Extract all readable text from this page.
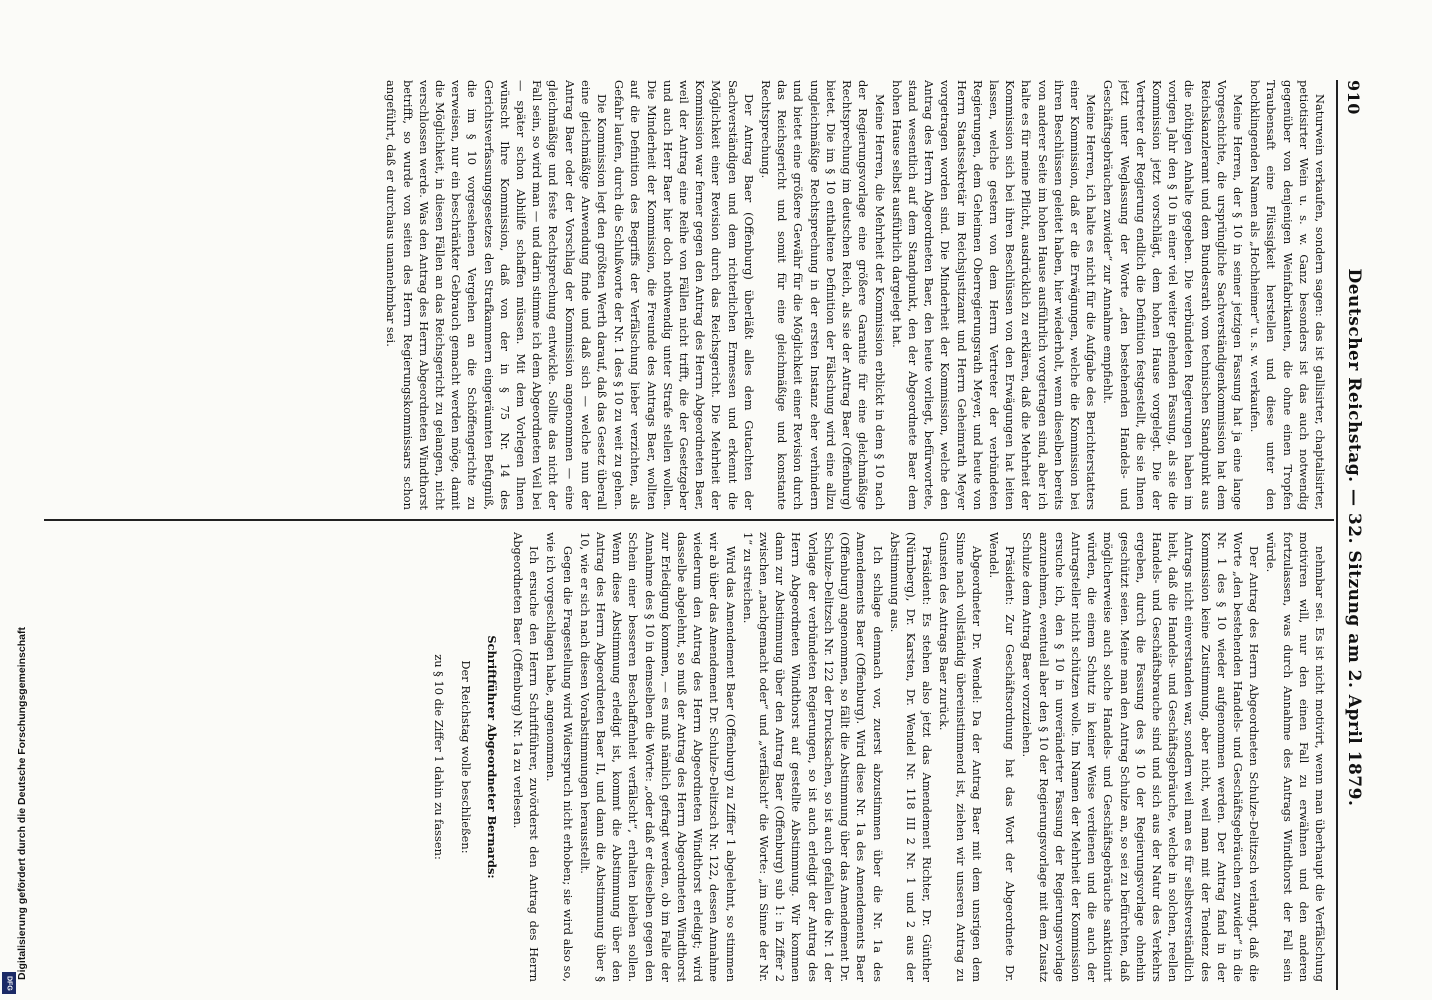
910
Deutscher Reichstag. — 32. Sitzung am 2. April 1879.

Naturwein verkaufen, sondern sagen: das ist gallisirter, chaptalisirter, petiotisirter Wein u. s. w. Ganz besonders ist das auch notwendig gegenüber von denjenigen Weinfabrikanten, die ohne einen Tropfen Traubensaft eine Flüssigkeit herstellen und diese unter den hochklingenden Namen als „Hochheimer“ u. s. w. verkaufen.

Meine Herren, der § 10 in seiner jetzigen Fassung hat ja eine lange Vorgeschichte, die ursprüngliche Sachverständigenkommission hat dem Reichskanzleramt und dem Bundesrath vom technischen Standpunkt aus die nöthigen Anhalte gegeben. Die verbündeten Regierungen haben im vorigen Jahr den § 10 in einer viel weiter gehenden Fassung, als sie die Kommission jetzt vorschlägt, dem hohen Hause vorgelegt. Die der Vertreter der Regierung endlich die Definition festgestellt, die sie Ihnen jetzt unter Weglassung der Worte „den bestehenden Handels- und Geschäftsgebräuchen zuwider“ zur Annahme empfiehlt.

Meine Herren, ich halte es nicht für die Aufgabe des Berichterstatters einer Kommission, daß er die Erwägungen, welche die Kommission bei ihren Beschlüssen geleitet haben, hier wiederholt, wenn dieselben bereits von anderer Seite im hohen Hause ausführlich vorgetragen sind, aber ich halte es für meine Pflicht, ausdrücklich zu erklären, daß die Mehrheit der Kommission sich bei ihren Beschlüssen von den Erwägungen hat leiten lassen, welche gestern von dem Herrn Vertreter der verbündeten Regierungen, dem Geheimen Oberregierungsrath Meyer, und heute von Herrn Staatssekretär im Reichsjustizamt und Herrn Geheimrath Meyer vorgetragen worden sind. Die Minderheit der Kommission, welche den Antrag des Herrn Abgeordneten Baer, den heute vorliegt, befürwortete, stand wesentlich auf dem Standpunkt, den der Abgeordnete Baer dem hohen Hause selbst ausführlich dargelegt hat.

Meine Herren, die Mehrheit der Kommission erblickt in dem § 10 nach der Regierungsvorlage eine größere Garantie für eine gleichmäßige Rechtsprechung im deutschen Reich, als sie der Antrag Baer (Offenburg) bietet. Die im § 10 enthaltene Definition der Fälschung wird eine allzu ungleichmäßige Rechtsprechung in der ersten Instanz eher verhindern und bietet eine größere Gewähr für die Möglichkeit einer Revision durch das Reichsgericht und somit für eine gleichmäßige und konstante Rechtsprechung.

Der Antrag Baer (Offenburg) überläßt alles dem Gutachten der Sachverständigen und dem richterlichen Ermessen und erkennt die Möglichkeit einer Revision durch das Reichsgericht. Die Mehrheit der Kommission war ferner gegen den Antrag des Herrn Abgeordneten Baer, weil der Antrag eine Reihe von Fällen nicht trifft, die der Gesetzgeber und auch Herr Baer hier doch nothwendig unter Strafe stellen wollen. Die Minderheit der Kommission, die Freunde des Antrags Baer, wollten auf die Definition des Begriffs der Verfälschung lieber verzichten, als Gefahr laufen, durch die Schlußworte der Nr. 1 des § 10 zu weit zu gehen.

Die Kommission legt den größten Werth darauf, daß das Gesetz überall eine gleichmäßige Anwendung finde und daß sich — welche nun der Antrag Baer oder der Vorschlag der Kommission angenommen — eine gleichmäßige und feste Rechtsprechung entwickle. Sollte das nicht der Fall sein, so wird man — und darin stimme ich dem Abgeordneten Veil bei — später schon Abhilfe schaffen müssen. Mit dem Vorlegen Ihnen wünscht Ihre Kommission, daß von der in § 75 Nr. 14 des Gerichtsverfassungsgesetzes den Strafkammern eingeräumten Befugniß, die im § 10 vorgesehenen Vergehen an die Schöffengerichte zu verweisen, nur ein beschränkter Gebrauch gemacht werden möge, damit die Möglichkeit, in diesen Fällen an das Reichsgericht zu gelangen, nicht verschlossen werde. Was den Antrag des Herrn Abgeordneten Windthorst betrifft, so wurde von seiten des Herrn Regierungskommissars schon angeführt, daß er durchaus unannehmbar sei.

nehmbar sei. Es ist nicht motivirt, wenn man überhaupt die Verfälschung motiviren will, nur den einen Fall zu erwähnen und den anderen fortzulassen, was durch Annahme des Antrags Windthorst der Fall sein würde.

Der Antrag des Herrn Abgeordneten Schulze-Delitzsch verlangt, daß die Worte „den bestehenden Handels- und Geschäftsgebräuchen zuwider“ in die Nr. 1 des § 10 wieder aufgenommen werden. Der Antrag fand in der Kommission keine Zustimmung, aber nicht, weil man mit der Tendenz des Antrags nicht einverstanden war, sondern weil man es für selbstverständlich hielt, daß die Handels- und Geschäftsgebräuche, welche in solchen, reellen Handels- und Geschäftsbrauche sind und sich aus der Natur des Verkehrs ergeben, durch die Fassung des § 10 der Regierungsvorlage ohnehin geschützt seien. Meine man den Antrag Schulze an, so sei zu befürchten, daß möglicherweise auch solche Handels- und Geschäftsgebräuche sanktionirt würden, die einem Schutz in keiner Weise verdienen und die auch der Antragsteller nicht schützen wolle. Im Namen der Mehrheit der Kommission ersuche ich, den § 10 in unveränderter Fassung der Regierungsvorlage anzunehmen, eventuell aber den § 10 der Regierungsvorlage mit dem Zusatz Schulze dem Antrag Baer vorzuziehen.

Präsident: Zur Geschäftsordnung hat das Wort der Abgeordnete Dr. Wendel.

Abgeordneter Dr. Wendel: Da der Antrag Baer mit dem unsrigen dem Sinne nach vollständig übereinstimmend ist, ziehen wir unseren Antrag zu Gunsten des Antrags Baer zurück.

Präsident: Es stehen also jetzt das Amendement Richter, Dr. Günther (Nürnberg), Dr. Karsten, Dr. Wendel Nr. 118 III 2 Nr. 1 und 2 aus der Abstimmung aus.

Ich schlage demnach vor, zuerst abzustimmen über die Nr. 1a des Amendements Baer (Offenburg). Wird diese Nr. 1a des Amendements Baer (Offenburg) angenommen, so fällt die Abstimmung über das Amendement Dr. Schulze-Delitzsch Nr. 122 der Drucksachen, so ist auch gefallen die Nr. 1 der Vorlage der verbündeten Regierungen, so ist auch erledigt der Antrag des Herrn Abgeordneten Windthorst auf gestellte Abstimmung. Wir kommen dann zur Abstimmung über den Antrag Baer (Offenburg) sub 1: in Ziffer 2 zwischen „nachgemacht oder“ und „verfälscht“ die Worte: „im Sinne der Nr. 1“ zu streichen.

Wird das Amendement Baer (Offenburg) zu Ziffer 1 abgelehnt, so stimmen wir ab über das Amendement Dr. Schulze-Delitzsch Nr. 122, dessen Annahme wiederum den Antrag des Herrn Abgeordneten Windthorst erledigt; wird dasselbe abgelehnt, so muß der Antrag des Herrn Abgeordneten Windthorst zur Erledigung kommen, — es muß nämlich gefragt werden, ob im Falle der Annahme des § 10 in demselben die Worte: „oder daß er dieselben gegen den Schein einer besseren Beschaffenheit verfälscht“, erhalten bleiben sollen. Wenn diese Abstimmung erledigt ist, kommt die Abstimmung über den Antrag des Herrn Abgeordneten Baer II, und dann die Abstimmung über § 10, wie er sich nach diesen Vorabstimmungen herausstellt.

Gegen die Fragestellung wird Widerspruch nicht erhoben; sie wird also so, wie ich vorgeschlagen habe, angenommen.

Ich ersuche den Herrn Schriftführer, zuvörderst den Antrag des Herrn Abgeordneten Baer (Offenburg) Nr. 1a zu verlesen.

Schriftführer Abgeordneter Bernards:

Der Reichstag wolle beschließen:

zu § 10 die Ziffer 1 dahin zu fassen:

Digitalisierung gefördert durch die Deutsche Forschungsgemeinschaft
DFG
